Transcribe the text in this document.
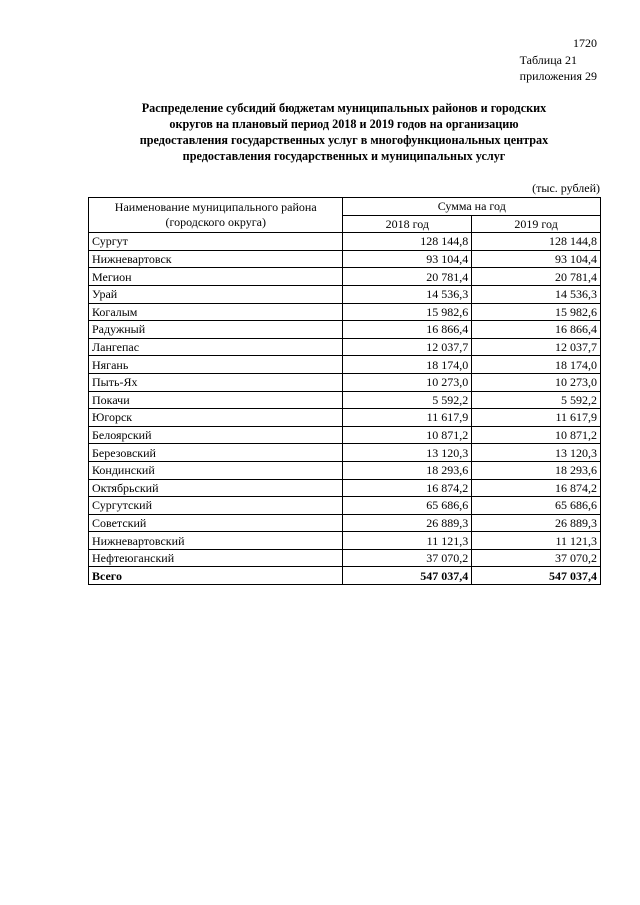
1720
Таблица 21
приложения 29
Распределение субсидий бюджетам муниципальных районов и городских
округов на плановый период 2018 и 2019 годов на организацию
предоставления государственных услуг в многофункциональных центрах
предоставления государственных и муниципальных услуг
(тыс. рублей)
Наименование муниципального района (городского округа)	Сумма на год	
	2018 год	2019 год
Сургут	128 144,8	128 144,8
Нижневартовск	93 104,4	93 104,4
Мегион	20 781,4	20 781,4
Урай	14 536,3	14 536,3
Когалым	15 982,6	15 982,6
Радужный	16 866,4	16 866,4
Лангепас	12 037,7	12 037,7
Нягань	18 174,0	18 174,0
Пыть-Ях	10 273,0	10 273,0
Покачи	5 592,2	5 592,2
Югорск	11 617,9	11 617,9
Белоярский	10 871,2	10 871,2
Березовский	13 120,3	13 120,3
Кондинский	18 293,6	18 293,6
Октябрьский	16 874,2	16 874,2
Сургутский	65 686,6	65 686,6
Советский	26 889,3	26 889,3
Нижневартовский	11 121,3	11 121,3
Нефтеюганский	37 070,2	37 070,2
Всего	547 037,4	547 037,4
